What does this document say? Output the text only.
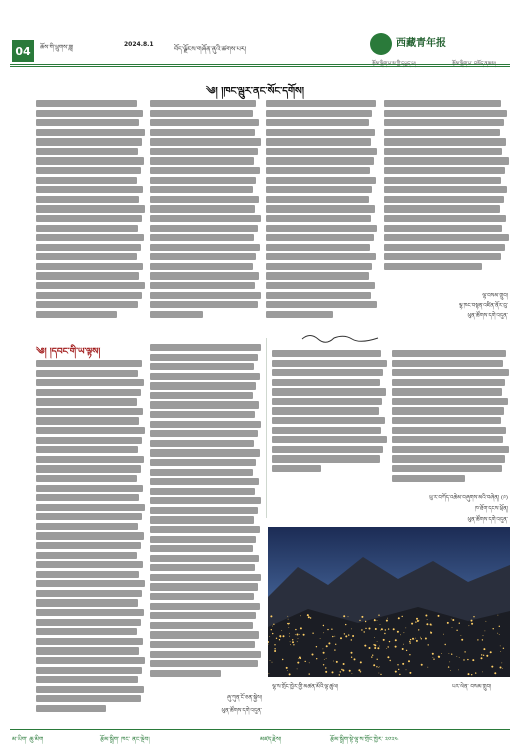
04	ཆོས་གི་ཕྲུགས་ཟླ།	2024.8.1
བོད་ལྗོངས་གཞོན་ནུའི་ཚགས་པར།	西藏青年报
༄། །ཁང་ལྦུར་ནང་སོང་དགོས།
ལྷ་བསམ་གྲུབ།
ལྷ་ཁང་བསྟན་འཛིན་ནོར་བུ་
ཕུན་ཚོགས་དགེ་འདུན་
༄། །དབང་གི་ཡ་ལྟས།
ཞུ་ཀུན་ངོ་ཅན་སྐྱེས།
ཕུན་ཚོགས་དགེ་འདུན་
ཕུ་ར་བཀོད་འཆེམ་བཞུགས་མའི་བཞེན། (༩)
ཁ་ཐོག་དངས་ཕྲོན།
ཕུན་ཚོགས་དགེ་འདུན་
ལྷ་ས་གྲོང་ཁྱེར་གྱི་མཚན་མོའི་ལྟ་ཚུལ།	པར་ལེན་ བསམ་གྲུབ།
མ་ཡིག་ ཆུ་མིག	རྩོམ་སྒྲིག་ ཁང་ ནང་ལྡེབ།	མཛད་རྗེས།	རྩོམ་སྒྲིག་སྟེ་ལྷ་ས་གྲོང་ཁྱེར་ ༢༠༢༤
